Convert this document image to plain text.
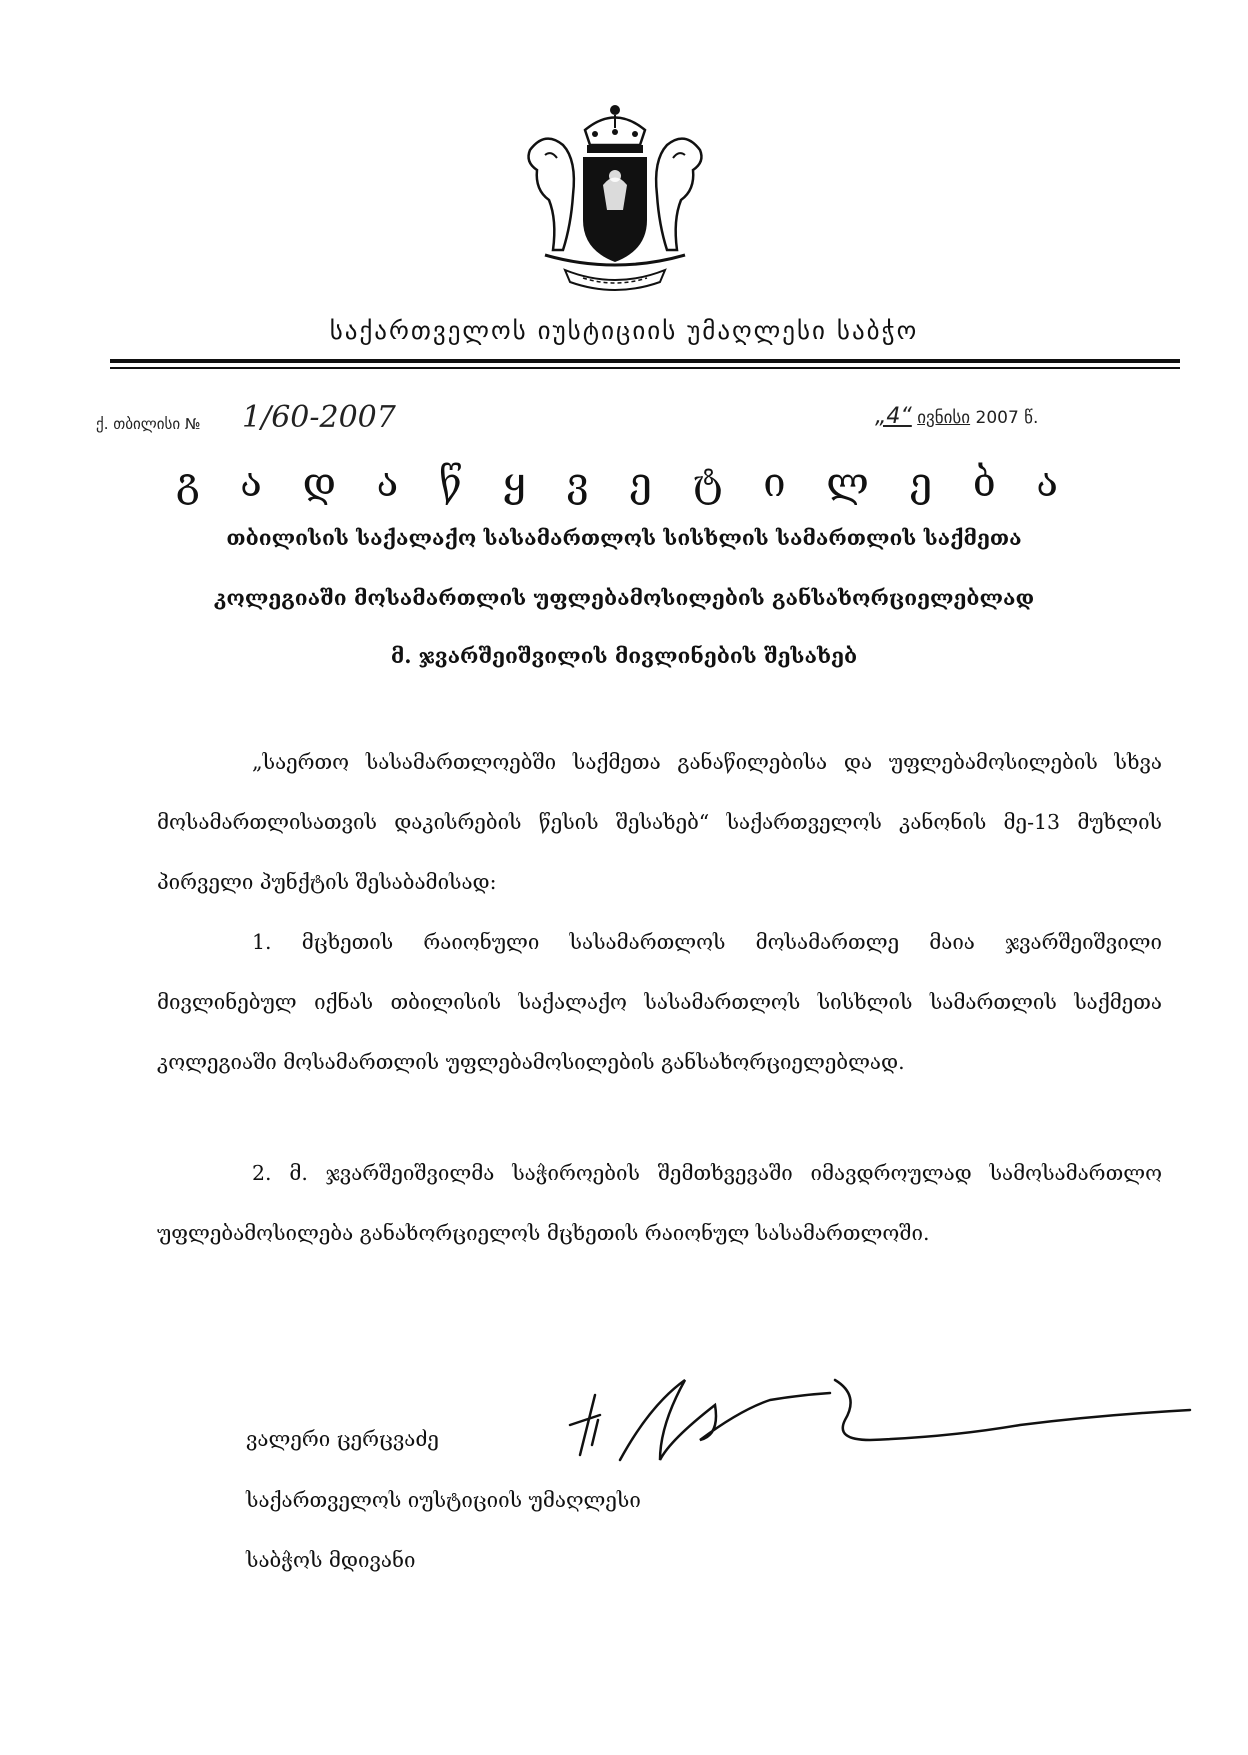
საქართველოს იუსტიციის უმაღლესი საბჭო
ქ. თბილისი № 1/60-2007	„4“ ივნისი 2007 წ.
გ ა დ ა წ ყ ვ ე ტ ი ლ ე ბ ა
თბილისის საქალაქო სასამართლოს სისხლის სამართლის საქმეთა
კოლეგიაში მოსამართლის უფლებამოსილების განსახორციელებლად
მ. ჯვარშეიშვილის მივლინების შესახებ
„საერთო სასამართლოებში საქმეთა განაწილებისა და უფლებამოსილების სხვა მოსამართლისათვის დაკისრების წესის შესახებ“ საქართველოს კანონის მე-13 მუხლის პირველი პუნქტის შესაბამისად:
1. მცხეთის რაიონული სასამართლოს მოსამართლე მაია ჯვარშეიშვილი მივლინებულ იქნას თბილისის საქალაქო სასამართლოს სისხლის სამართლის საქმეთა კოლეგიაში მოსამართლის უფლებამოსილების განსახორციელებლად.
2. მ. ჯვარშეიშვილმა საჭიროების შემთხვევაში იმავდროულად სამოსამართლო უფლებამოსილება განახორციელოს მცხეთის რაიონულ სასამართლოში.
ვალერი ცერცვაძე
საქართველოს იუსტიციის უმაღლესი
საბჭოს მდივანი
